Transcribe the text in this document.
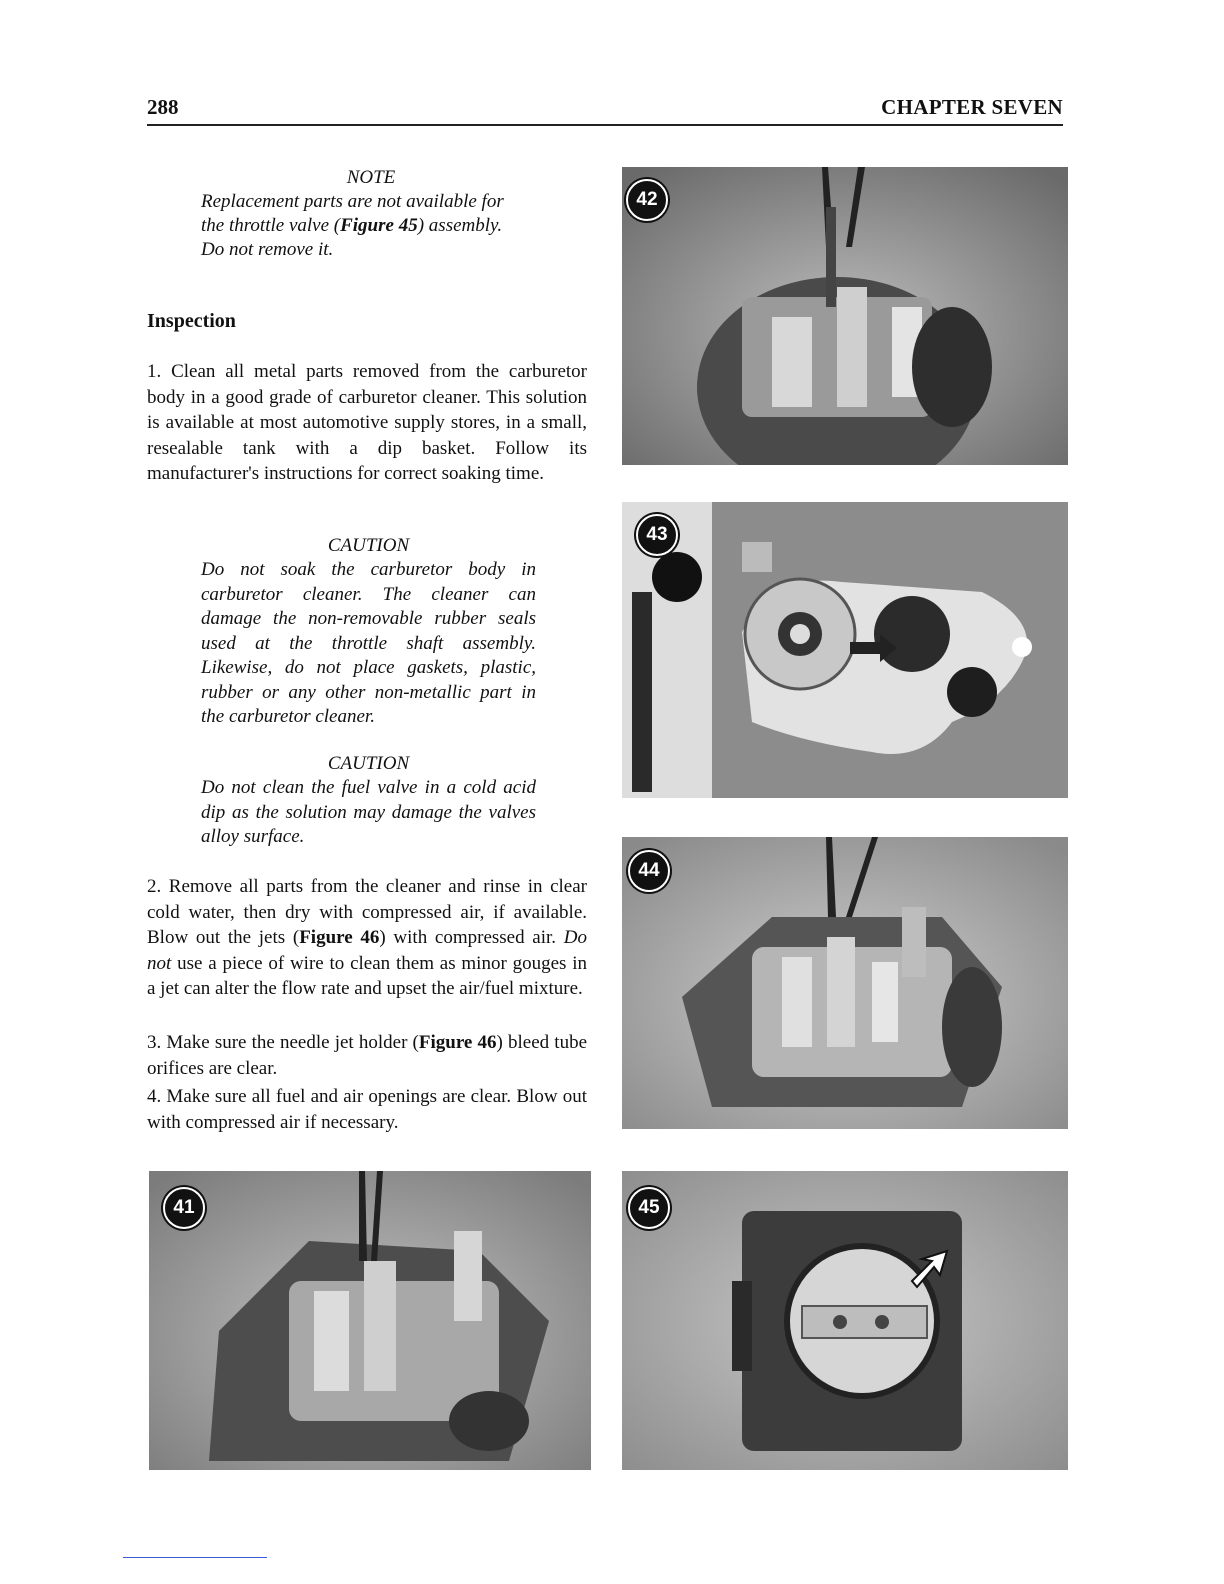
288	CHAPTER SEVEN
NOTE
Replacement parts are not available for
the throttle valve (Figure 45) assembly.
Do not remove it.
Inspection
1. Clean all metal parts removed from the carburetor body in a good grade of carburetor cleaner. This solution is available at most automotive supply stores, in a small, resealable tank with a dip basket. Follow its manufacturer's instructions for correct soaking time.
CAUTION
Do not soak the carburetor body in carburetor cleaner. The cleaner can damage the non-removable rubber seals used at the throttle shaft assembly. Likewise, do not place gaskets, plastic, rubber or any other non-metallic part in the carburetor cleaner.
CAUTION
Do not clean the fuel valve in a cold acid dip as the solution may damage the valves alloy surface.
2. Remove all parts from the cleaner and rinse in clear cold water, then dry with compressed air, if available. Blow out the jets (Figure 46) with compressed air. Do not use a piece of wire to clean them as minor gouges in a jet can alter the flow rate and upset the air/fuel mixture.
3. Make sure the needle jet holder (Figure 46) bleed tube orifices are clear.
4. Make sure all fuel and air openings are clear. Blow out with compressed air if necessary.
42
43
44
41	45
